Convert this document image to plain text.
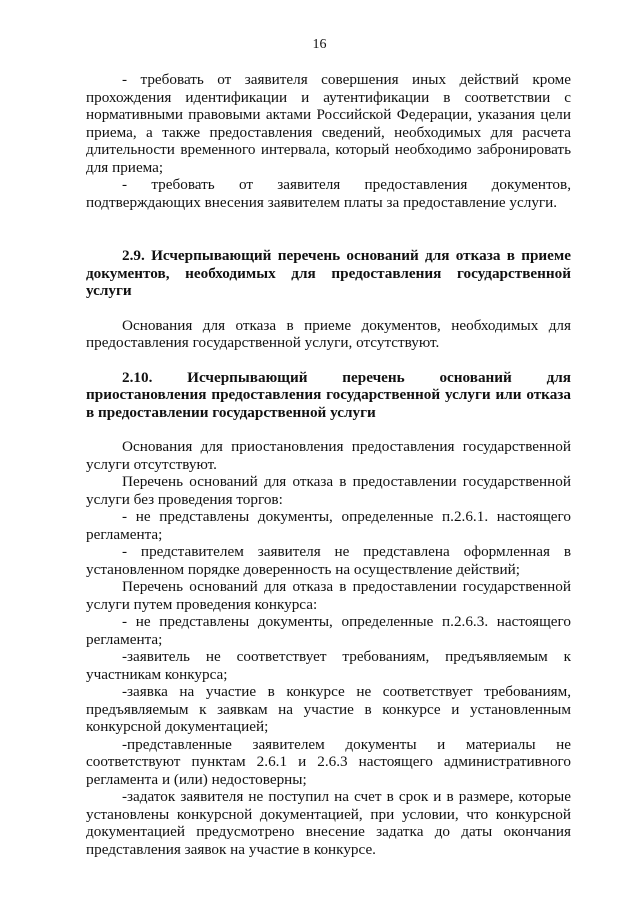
16

- требовать от заявителя совершения иных действий кроме прохождения идентификации и аутентификации в соответствии с нормативными правовыми актами Российской Федерации, указания цели приема, а также предоставления сведений, необходимых для расчета длительности временного интервала, который необходимо забронировать для приема;

- требовать от заявителя предоставления документов, подтверждающих внесения заявителем платы за предоставление услуги.

2.9. Исчерпывающий перечень оснований для отказа в приеме документов, необходимых для предоставления государственной услуги

Основания для отказа в приеме документов, необходимых для предоставления государственной услуги, отсутствуют.

2.10. Исчерпывающий перечень оснований для приостановления предоставления государственной услуги или отказа в предоставлении государственной услуги

Основания для приостановления предоставления государственной услуги отсутствуют.

Перечень оснований для отказа в предоставлении государственной услуги без проведения торгов:

- не представлены документы, определенные п.2.6.1. настоящего регламента;

- представителем заявителя не представлена оформленная в установленном порядке доверенность на осуществление действий;

Перечень оснований для отказа в предоставлении государственной услуги путем проведения конкурса:

- не представлены документы, определенные п.2.6.3. настоящего регламента;

-заявитель не соответствует требованиям, предъявляемым к участникам конкурса;

-заявка на участие в конкурсе не соответствует требованиям, предъявляемым к заявкам на участие в конкурсе и установленным конкурсной документацией;

-представленные заявителем документы и материалы не соответствуют пунктам 2.6.1 и 2.6.3 настоящего административного регламента и (или) недостоверны;

-задаток заявителя не поступил на счет в срок и в размере, которые установлены конкурсной документацией, при условии, что конкурсной документацией предусмотрено внесение задатка до даты окончания представления заявок на участие в конкурсе.
